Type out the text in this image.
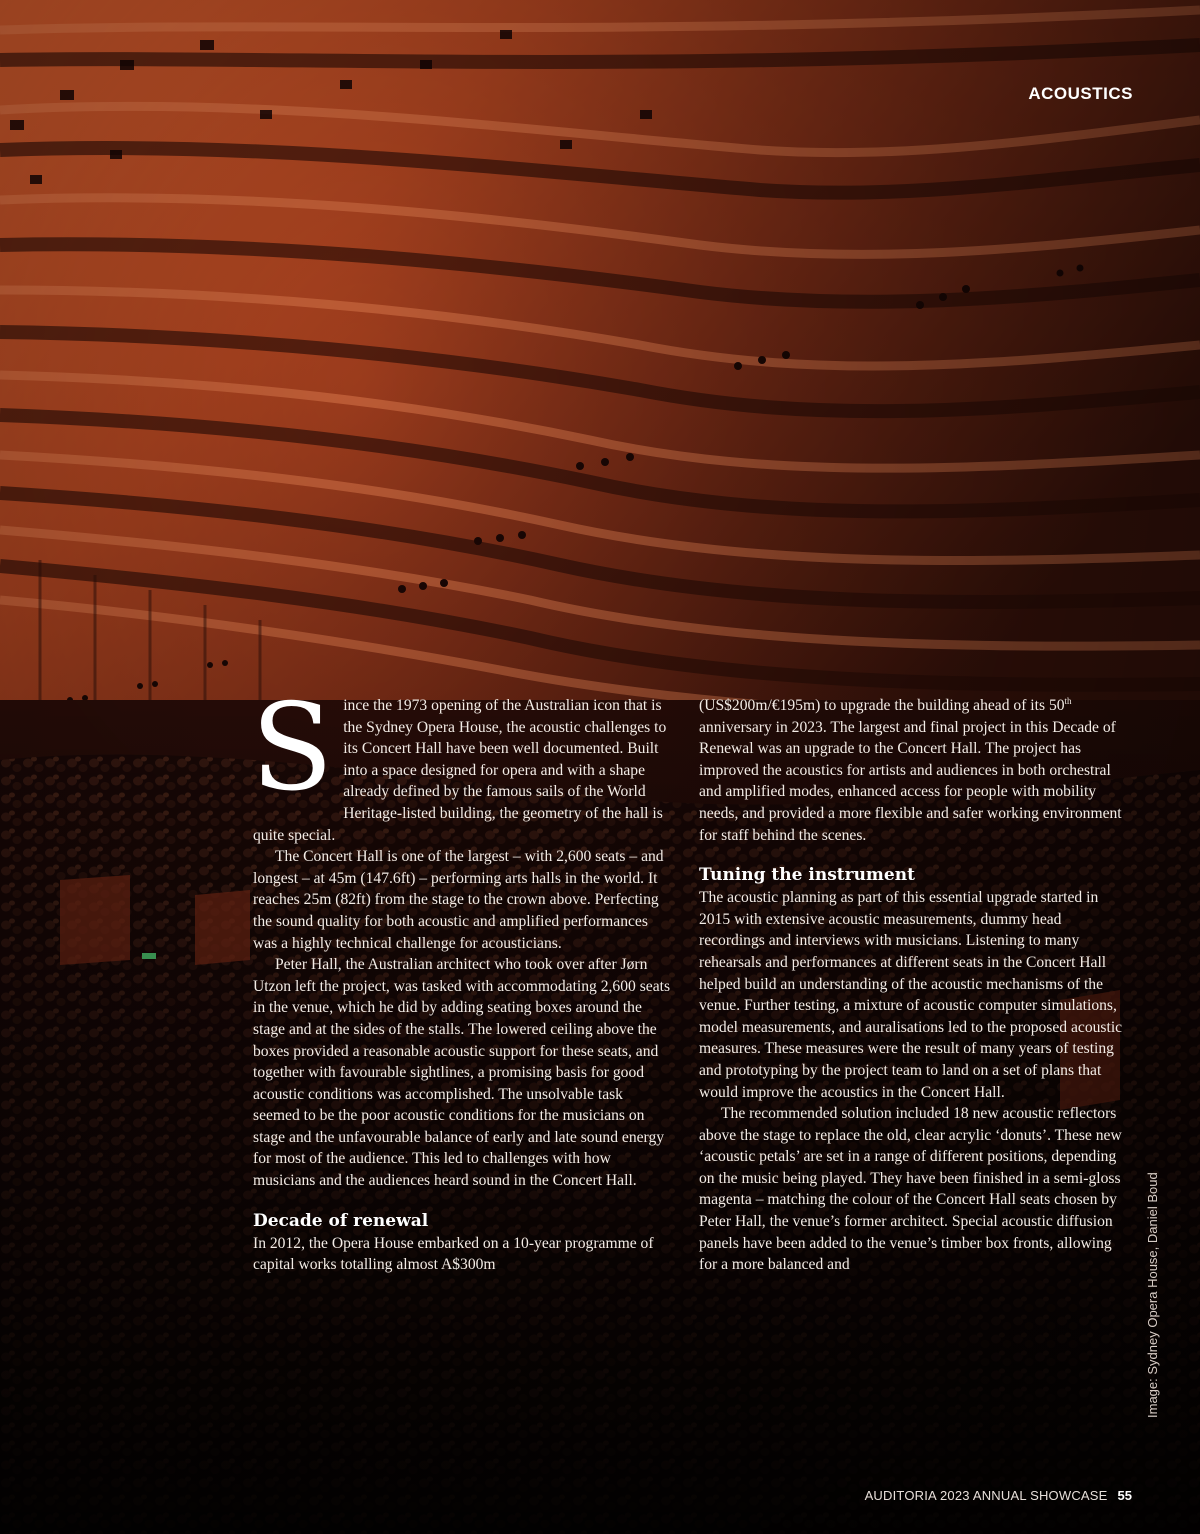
ACOUSTICS

Since the 1973 opening of the Australian icon that is the Sydney Opera House, the acoustic challenges to its Concert Hall have been well documented. Built into a space designed for opera and with a shape already defined by the famous sails of the World Heritage-listed building, the geometry of the hall is quite special.

The Concert Hall is one of the largest – with 2,600 seats – and longest – at 45m (147.6ft) – performing arts halls in the world. It reaches 25m (82ft) from the stage to the crown above. Perfecting the sound quality for both acoustic and amplified performances was a highly technical challenge for acousticians.

Peter Hall, the Australian architect who took over after Jørn Utzon left the project, was tasked with accommodating 2,600 seats in the venue, which he did by adding seating boxes around the stage and at the sides of the stalls. The lowered ceiling above the boxes provided a reasonable acoustic support for these seats, and together with favourable sightlines, a promising basis for good acoustic conditions was accomplished. The unsolvable task seemed to be the poor acoustic conditions for the musicians on stage and the unfavourable balance of early and late sound energy for most of the audience. This led to challenges with how musicians and the audiences heard sound in the Concert Hall.

Decade of renewal

In 2012, the Opera House embarked on a 10-year programme of capital works totalling almost A$300m

(US$200m/€195m) to upgrade the building ahead of its 50th anniversary in 2023. The largest and final project in this Decade of Renewal was an upgrade to the Concert Hall. The project has improved the acoustics for artists and audiences in both orchestral and amplified modes, enhanced access for people with mobility needs, and provided a more flexible and safer working environment for staff behind the scenes.

Tuning the instrument

The acoustic planning as part of this essential upgrade started in 2015 with extensive acoustic measurements, dummy head recordings and interviews with musicians. Listening to many rehearsals and performances at different seats in the Concert Hall helped build an understanding of the acoustic mechanisms of the venue. Further testing, a mixture of acoustic computer simulations, model measurements, and auralisations led to the proposed acoustic measures. These measures were the result of many years of testing and prototyping by the project team to land on a set of plans that would improve the acoustics in the Concert Hall.

The recommended solution included 18 new acoustic reflectors above the stage to replace the old, clear acrylic ‘donuts’. These new ‘acoustic petals’ are set in a range of different positions, depending on the music being played. They have been finished in a semi-gloss magenta – matching the colour of the Concert Hall seats chosen by Peter Hall, the venue’s former architect. Special acoustic diffusion panels have been added to the venue’s timber box fronts, allowing for a more balanced and	Image: Sydney Opera House, Daniel Boud

AUDITORIA 2023 ANNUAL SHOWCASE 55
